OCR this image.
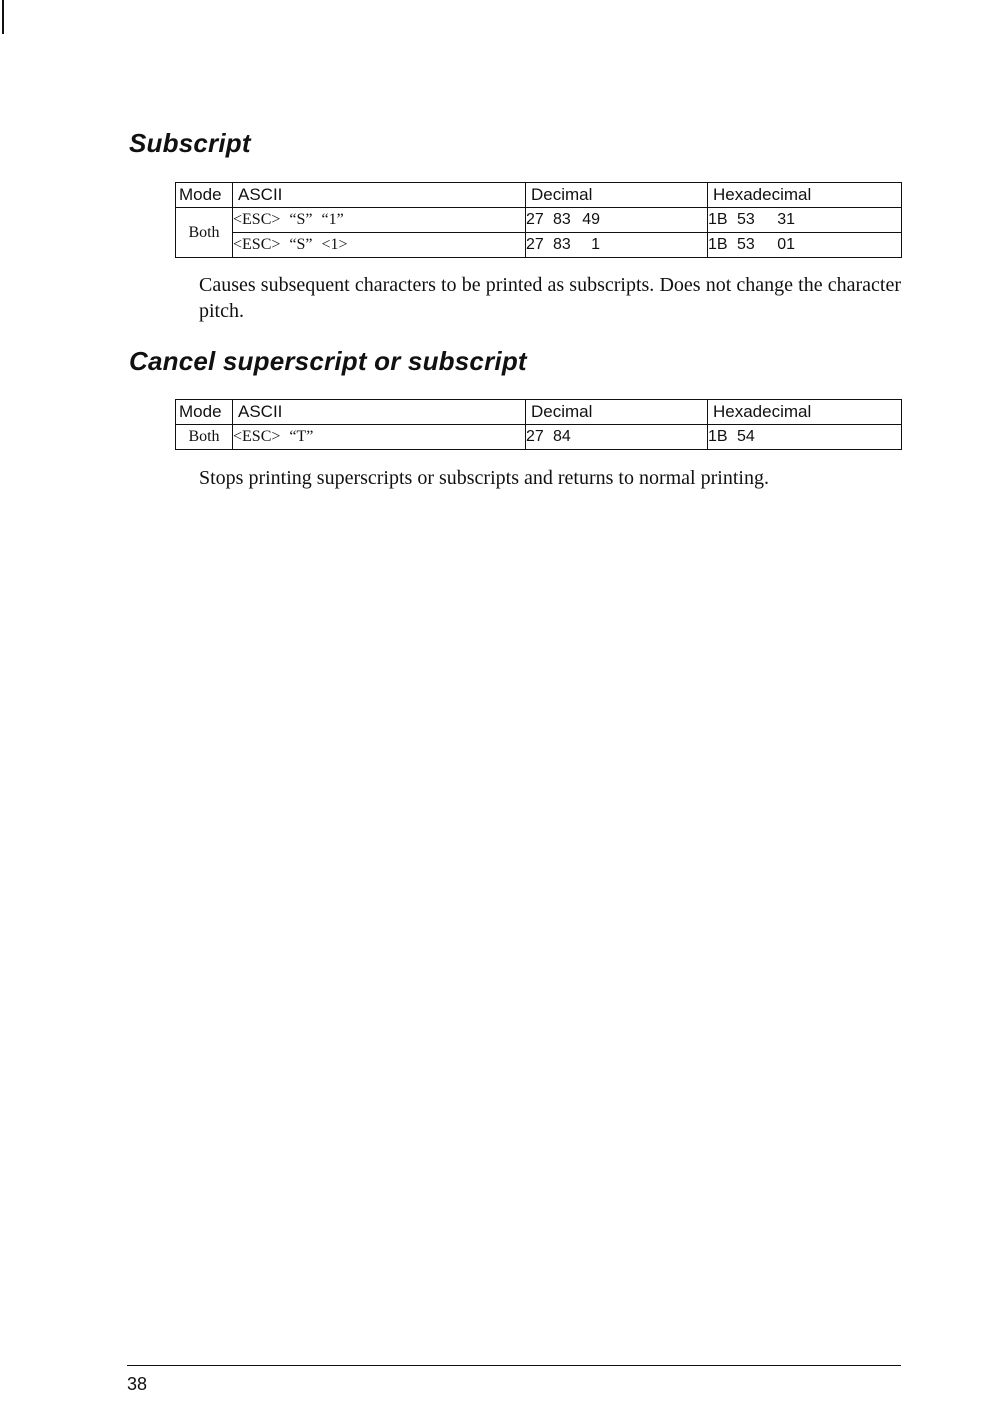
Subscript
Mode	ASCII	Decimal	Hexadecimal
Both	<ESC> “S” “1”	27 83 49	1B 53 31
	<ESC> “S” <1>	27 83 1	1B 53 01

Causes subsequent characters to be printed as subscripts. Does not change the character pitch.

Cancel superscript or subscript
Mode	ASCII	Decimal	Hexadecimal
Both	<ESC> “T”	27 84	1B 54

Stops printing superscripts or subscripts and returns to normal printing.

38
